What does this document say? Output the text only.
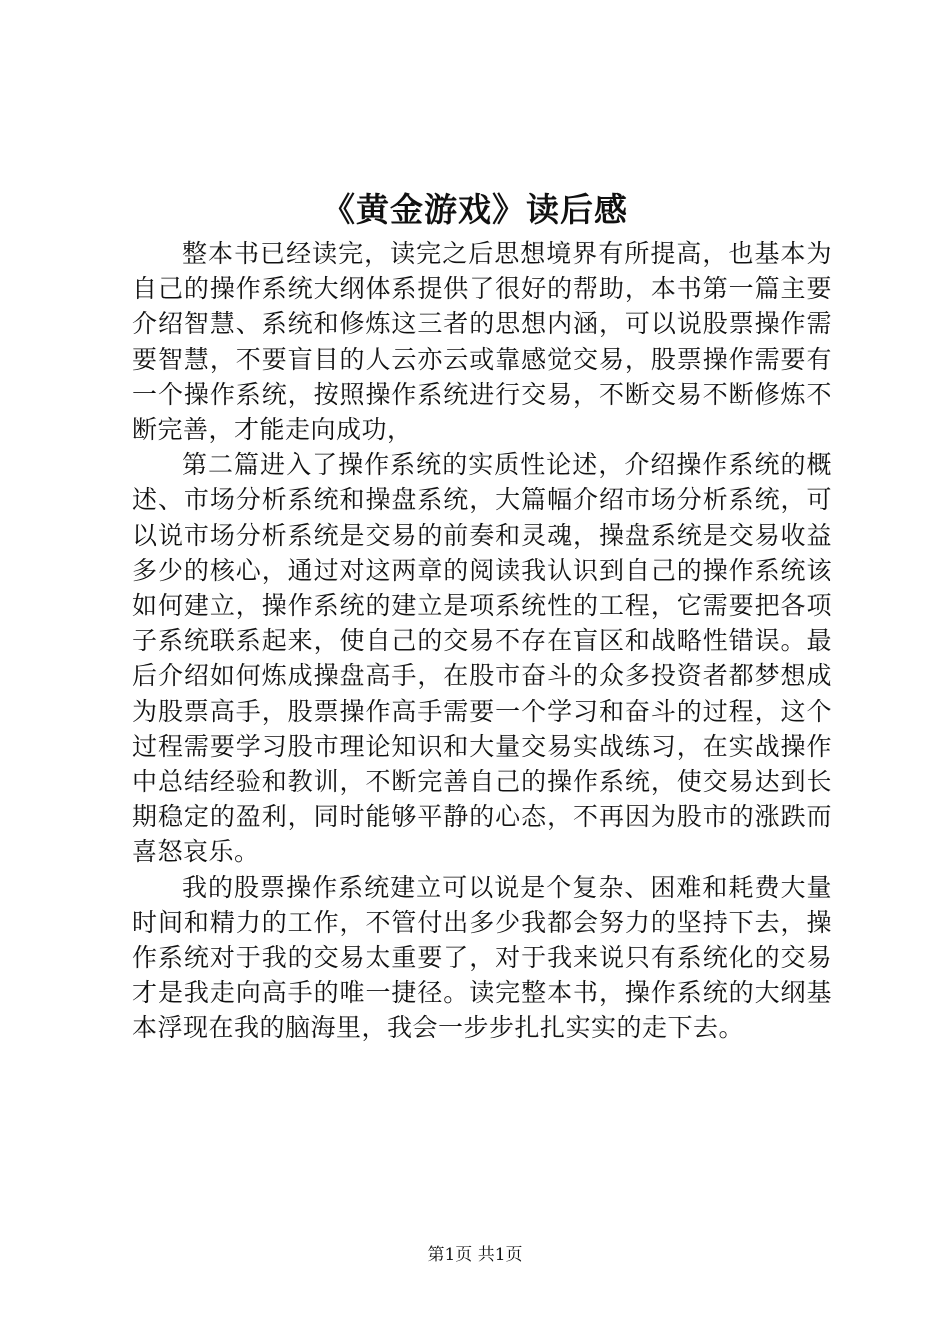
《黄金游戏》读后感

整本书已经读完，读完之后思想境界有所提高，也基本为自己的操作系统大纲体系提供了很好的帮助，本书第一篇主要介绍智慧、系统和修炼这三者的思想内涵，可以说股票操作需要智慧，不要盲目的人云亦云或靠感觉交易，股票操作需要有一个操作系统，按照操作系统进行交易，不断交易不断修炼不断完善，才能走向成功，

第二篇进入了操作系统的实质性论述，介绍操作系统的概述、市场分析系统和操盘系统，大篇幅介绍市场分析系统，可以说市场分析系统是交易的前奏和灵魂，操盘系统是交易收益多少的核心，通过对这两章的阅读我认识到自己的操作系统该如何建立，操作系统的建立是项系统性的工程，它需要把各项子系统联系起来，使自己的交易不存在盲区和战略性错误。最后介绍如何炼成操盘高手，在股市奋斗的众多投资者都梦想成为股票高手，股票操作高手需要一个学习和奋斗的过程，这个过程需要学习股市理论知识和大量交易实战练习，在实战操作中总结经验和教训，不断完善自己的操作系统，使交易达到长期稳定的盈利，同时能够平静的心态，不再因为股市的涨跌而喜怒哀乐。

我的股票操作系统建立可以说是个复杂、困难和耗费大量时间和精力的工作，不管付出多少我都会努力的坚持下去，操作系统对于我的交易太重要了，对于我来说只有系统化的交易才是我走向高手的唯一捷径。读完整本书，操作系统的大纲基本浮现在我的脑海里，我会一步步扎扎实实的走下去。

第1页 共1页
